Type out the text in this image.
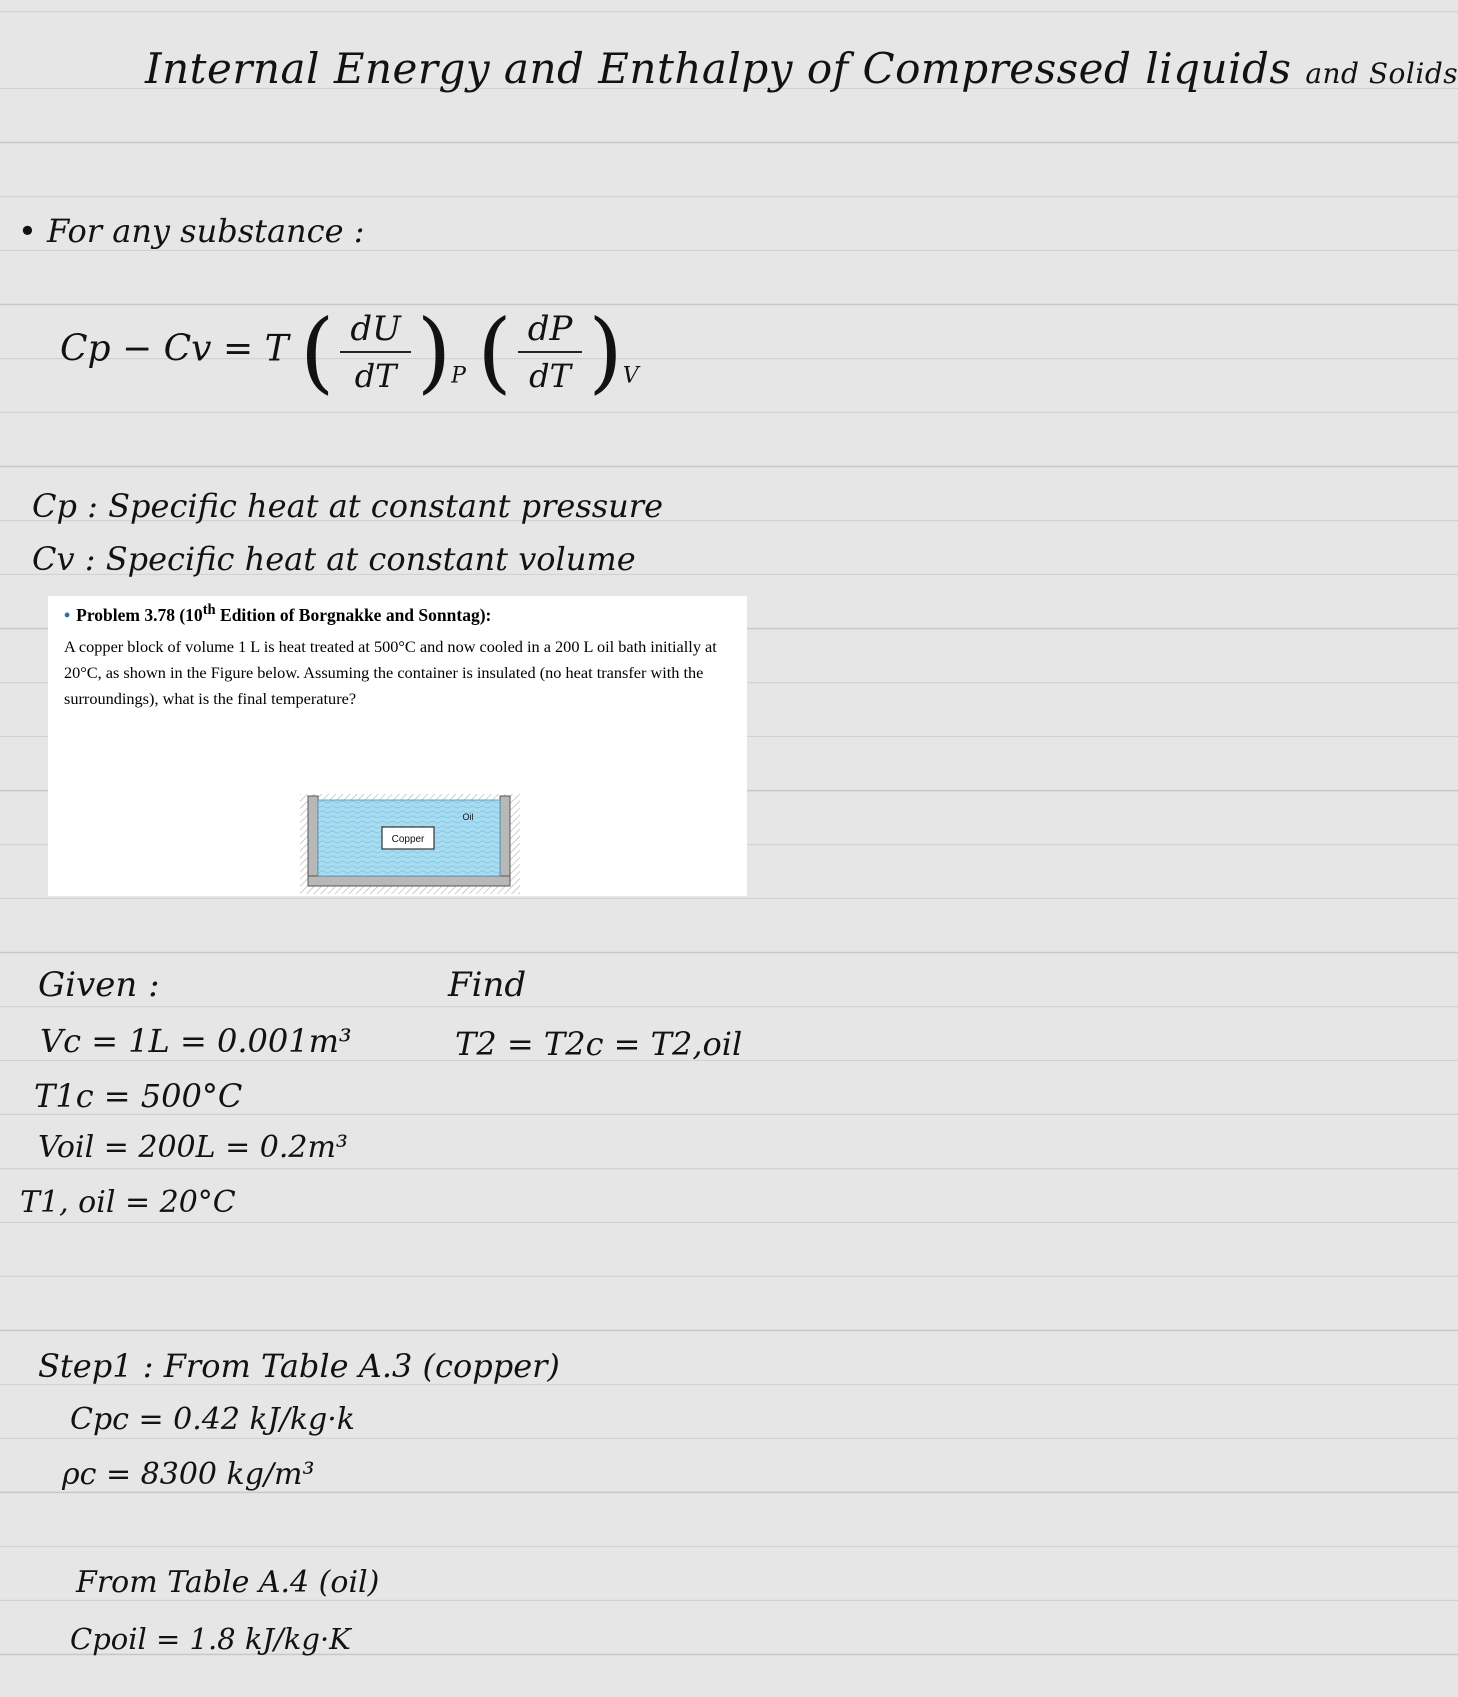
Internal Energy and Enthalpy of Compressed liquids and Solids
• For any substance :
Cp − Cv = T ( $\frac{dU}{dT} )_P$ ( $\frac{dP}{dT} )_V$
Cp : Specific heat at constant pressure
Cv : Specific heat at constant volume

• Problem 3.78 (10th Edition of Borgnakke and Sonntag):

A copper block of volume 1 L is heat treated at 500°C and now cooled in a 200 L oil bath initially at 20°C, as shown in the Figure below. Assuming the container is insulated (no heat transfer with the surroundings), what is the final temperature?

Copper
Oil
Given :	Find
Vc = 1L = 0.001m³	T2 = T2c = T2,oil
T1c = 500°C
Voil = 200L = 0.2m³
T1, oil = 20°C
Step1 : From Table A.3 (copper)
Cpc = 0.42 kJ/kg·k
ρc = 8300 kg/m³
From Table A.4 (oil)
Cpoil = 1.8 kJ/kg·K
